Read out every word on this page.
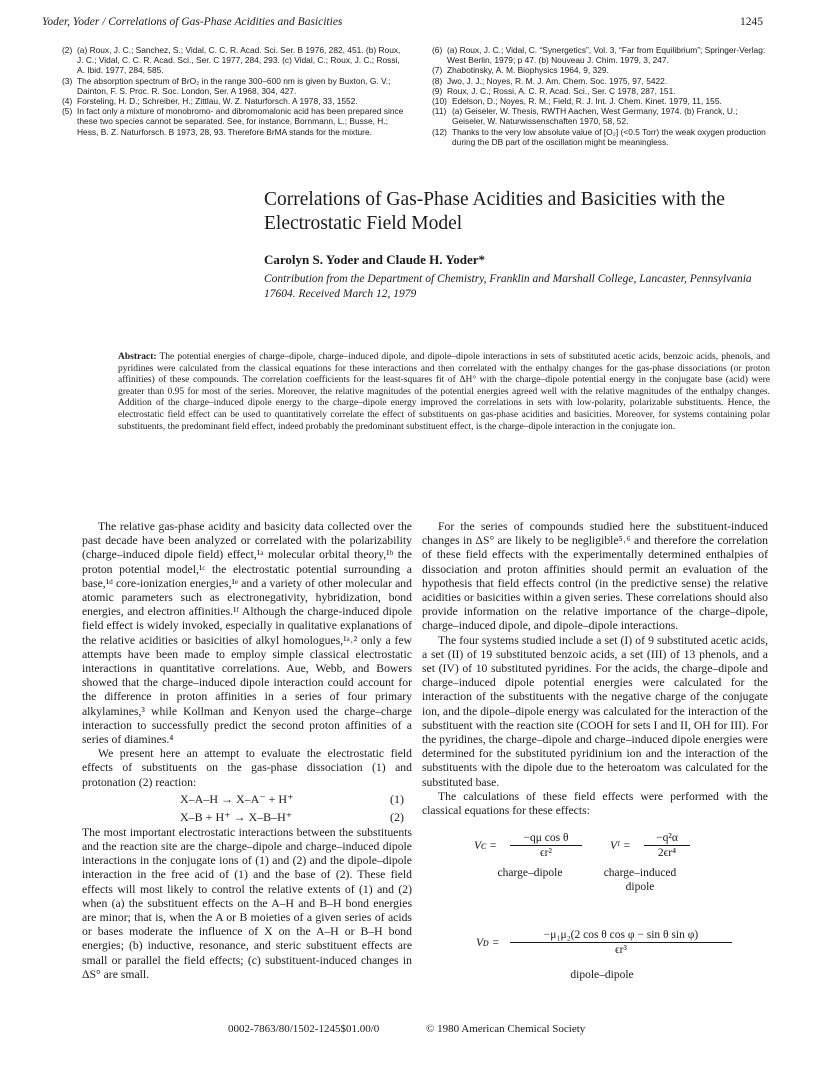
Yoder, Yoder / Correlations of Gas-Phase Acidities and Basicities	1245

(2) (a) Roux, J. C.; Sanchez, S.; Vidal, C. C. R. Acad. Sci. Ser. B 1976, 282, 451. (b) Roux, J. C.; Vidal, C. C. R. Acad. Sci., Ser. C 1977, 284, 293. (c) Vidal, C.; Roux, J. C.; Rossi, A. Ibid. 1977, 284, 585.

(3) The absorption spectrum of BrO₂ in the range 300–600 nm is given by Buxton, G. V.; Dainton, F. S. Proc. R. Soc. London, Ser. A 1968, 304, 427.

(4) Forsteling, H. D.; Schreiber, H.; Zittlau, W. Z. Naturforsch. A 1978, 33, 1552.

(5) In fact only a mixture of monobromo- and dibromomalonic acid has been prepared since these two species cannot be separated. See, for instance, Bornmann, L.; Busse, H.; Hess, B. Z. Naturforsch. B 1973, 28, 93. Therefore BrMA stands for the mixture.

(6) (a) Roux, J. C.; Vidal, C. “Synergetics”, Vol. 3, “Far from Equilibrium”; Springer-Verlag: West Berlin, 1979; p 47. (b) Nouveau J. Chim. 1979, 3, 247.

(7) Zhabotinsky, A. M. Biophysics 1964, 9, 329.

(8) Jwo, J. J.; Noyes, R. M. J. Am. Chem. Soc. 1975, 97, 5422.

(9) Roux, J. C.; Rossi, A. C. R. Acad. Sci., Ser. C 1978, 287, 151.

(10) Edelson, D.; Noyes, R. M.; Field, R. J. Int. J. Chem. Kinet. 1979, 11, 155.

(11) (a) Geiseler, W. Thesis, RWTH Aachen, West Germany, 1974. (b) Franck, U.; Geiseler, W. Naturwissenschaften 1970, 58, 52.

(12) Thanks to the very low absolute value of [O₂] (<0.5 Torr) the weak oxygen production during the DB part of the oscillation might be meaningless.

Correlations of Gas-Phase Acidities and Basicities with the Electrostatic Field Model
Carolyn S. Yoder and Claude H. Yoder*
Contribution from the Department of Chemistry, Franklin and Marshall College, Lancaster, Pennsylvania 17604. Received March 12, 1979
Abstract: The potential energies of charge–dipole, charge–induced dipole, and dipole–dipole interactions in sets of substituted acetic acids, benzoic acids, phenols, and pyridines were calculated from the classical equations for these interactions and then correlated with the enthalpy changes for the gas-phase dissociations (or proton affinities) of these compounds. The correlation coefficients for the least-squares fit of ΔH° with the charge–dipole potential energy in the conjugate base (acid) were greater than 0.95 for most of the series. Moreover, the relative magnitudes of the potential energies agreed well with the relative magnitudes of the enthalpy changes. Addition of the charge–induced dipole energy to the charge–dipole energy improved the correlations in sets with low-polarity, polarizable substituents. Hence, the electrostatic field effect can be used to quantitatively correlate the effect of substituents on gas-phase acidities and basicities. Moreover, for systems containing polar substituents, the predominant field effect, indeed probably the predominant substituent effect, is the charge–dipole interaction in the conjugate ion.

The relative gas-phase acidity and basicity data collected over the past decade have been analyzed or correlated with the polarizability (charge–induced dipole field) effect,¹ᵃ molecular orbital theory,¹ᵇ the proton potential model,¹ᶜ the electrostatic potential surrounding a base,¹ᵈ core-ionization energies,¹ᵉ and a variety of other molecular and atomic parameters such as electronegativity, hybridization, bond energies, and electron affinities.¹ᶠ Although the charge-induced dipole field effect is widely invoked, especially in qualitative explanations of the relative acidities or basicities of alkyl homologues,¹ᵃ˒² only a few attempts have been made to employ simple classical electrostatic interactions in quantitative correlations. Aue, Webb, and Bowers showed that the charge–induced dipole interaction could account for the difference in proton affinities in a series of four primary alkylamines,³ while Kollman and Kenyon used the charge–charge interaction to successfully predict the second proton affinities of a series of diamines.⁴

We present here an attempt to evaluate the electrostatic field effects of substituents on the gas-phase dissociation (1) and protonation (2) reaction:

X–A–H → X–A⁻ + H⁺	(1)
X–B + H⁺ → X–B–H⁺	(2)

The most important electrostatic interactions between the substituents and the reaction site are the charge–dipole and charge–induced dipole interactions in the conjugate ions of (1) and (2) and the dipole–dipole interaction in the free acid of (1) and the base of (2). These field effects will most likely to control the relative extents of (1) and (2) when (a) the substituent effects on the A–H and B–H bond energies are minor; that is, when the A or B moieties of a given series of acids or bases moderate the influence of X on the A–H or B–H bond energies; (b) inductive, resonance, and steric substituent effects are small or parallel the field effects; (c) substituent-induced changes in ΔS° are small.

For the series of compounds studied here the substituent-induced changes in ΔS° are likely to be negligible⁵˒⁶ and therefore the correlation of these field effects with the experimentally determined enthalpies of dissociation and proton affinities should permit an evaluation of the hypothesis that field effects control (in the predictive sense) the relative acidities or basicities within a given series. These correlations should also provide information on the relative importance of the charge–dipole, charge–induced dipole, and dipole–dipole interactions.

The four systems studied include a set (I) of 9 substituted acetic acids, a set (II) of 19 substituted benzoic acids, a set (III) of 13 phenols, and a set (IV) of 10 substituted pyridines. For the acids, the charge–dipole and charge–induced dipole potential energies were calculated for the interaction of the substituents with the negative charge of the conjugate ion, and the dipole–dipole energy was calculated for the interaction of the substituent with the reaction site (COOH for sets I and II, OH for III). For the pyridines, the charge–dipole and charge–induced dipole energies were determined for the substituted pyridinium ion and the interaction of the substituents with the dipole due to the heteroatom was calculated for the substituted base.

The calculations of these field effects were performed with the classical equations for these effects:

Vᴄ = $\frac{\text{−qμ cos θ}}{\text{ϵr²}}$ Vᴵ = $\frac{\text{−q²α}}{\text{2ϵr⁴}}$
charge–dipole	charge–induced dipole
Vᴅ = $\frac{\text{−μ₁μ₂(2 cos θ cos φ − sin θ sin φ)}}{\text{ϵr³}}$
dipole–dipole
0002-7863/80/1502-1245$01.00/0	© 1980 American Chemical Society
